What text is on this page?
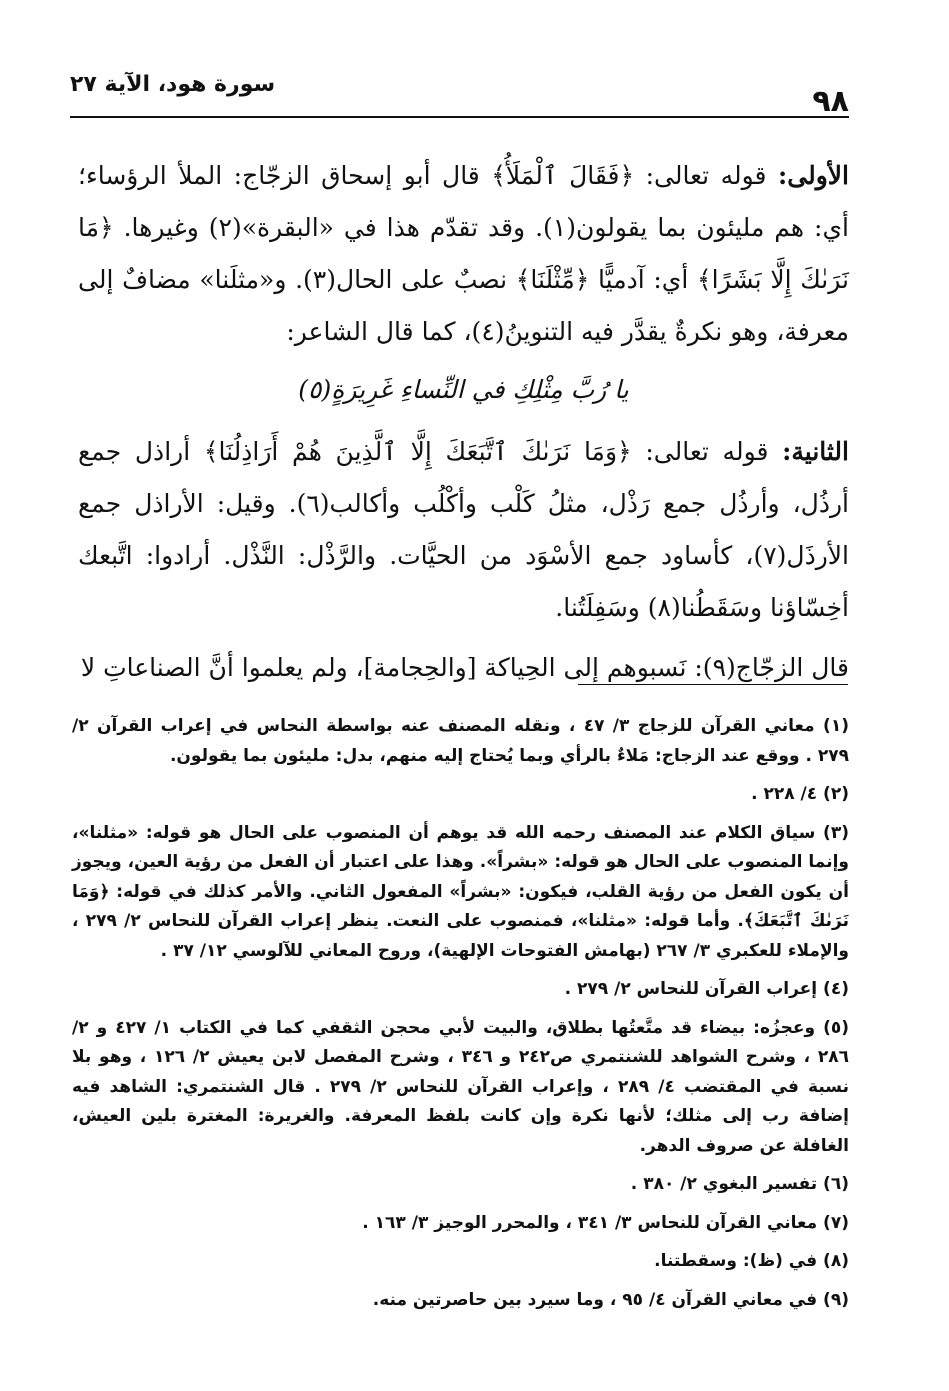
٩٨
سورة هود، الآية ٢٧

الأولى: قوله تعالى: ﴿فَقَالَ ٱلْمَلَأُ﴾ قال أبو إسحاق الزجّاج: الملأ الرؤساء؛ أي: هم مليئون بما يقولون(١). وقد تقدّم هذا في «البقرة»(٢) وغيرها. ﴿مَا نَرَىٰكَ إِلَّا بَشَرًا﴾ أي: آدميًّا ﴿مِّثْلَنَا﴾ نصبٌ على الحال(٣). و«مثلَنا» مضافٌ إلى معرفة، وهو نكرةٌ يقدَّر فيه التنوينُ(٤)، كما قال الشاعر:

يا رُبَّ مِثْلِكِ في النِّساءِ غَرِيرَةٍ(٥)

الثانية: قوله تعالى: ﴿وَمَا نَرَىٰكَ ٱتَّبَعَكَ إِلَّا ٱلَّذِينَ هُمْ أَرَاذِلُنَا﴾ أراذل جمع أرذُل، وأرذُل جمع رَذْل، مثلُ كَلْب وأكْلُب وأكالب(٦). وقيل: الأراذل جمع الأرذَل(٧)، كأساود جمع الأسْوَد من الحيَّات. والرَّذْل: النَّذْل. أرادوا: اتَّبعك أخِسّاؤنا وسَقَطُنا(٨) وسَفِلَتُنا.

قال الزجّاج(٩): نَسبوهم إلى الحِياكة [والحِجامة]، ولم يعلموا أنَّ الصناعاتِ لا

(١) معاني القرآن للزجاج ٣/ ٤٧ ، ونقله المصنف عنه بواسطة النحاس في إعراب القرآن ٢/ ٢٧٩ . ووقع عند الزجاج: مَلاءٌ بالرأي وبما يُحتاج إليه منهم، بدل: مليئون بما يقولون.

(٢) ٤/ ٢٢٨ .

(٣) سياق الكلام عند المصنف رحمه الله قد يوهم أن المنصوب على الحال هو قوله: «مثلنا»، وإنما المنصوب على الحال هو قوله: «بشراً». وهذا على اعتبار أن الفعل من رؤية العين، ويجوز أن يكون الفعل من رؤية القلب، فيكون: «بشراً» المفعول الثاني. والأمر كذلك في قوله: ﴿وَمَا نَرَىٰكَ ٱتَّبَعَكَ﴾. وأما قوله: «مثلنا»، فمنصوب على النعت. ينظر إعراب القرآن للنحاس ٢/ ٢٧٩ ، والإملاء للعكبري ٣/ ٢٦٧ (بهامش الفتوحات الإلهية)، وروح المعاني للآلوسي ١٢/ ٣٧ .

(٤) إعراب القرآن للنحاس ٢/ ٢٧٩ .

(٥) وعجزُه: بيضاء قد متَّعتُها بطلاق، والبيت لأبي محجن الثقفي كما في الكتاب ١/ ٤٢٧ و ٢/ ٢٨٦ ، وشرح الشواهد للشنتمري ص٢٤٢ و ٣٤٦ ، وشرح المفصل لابن يعيش ٢/ ١٢٦ ، وهو بلا نسبة في المقتضب ٤/ ٢٨٩ ، وإعراب القرآن للنحاس ٢/ ٢٧٩ . قال الشنتمري: الشاهد فيه إضافة رب إلى مثلك؛ لأنها نكرة وإن كانت بلفظ المعرفة. والغريرة: المغترة بلين العيش، الغافلة عن صروف الدهر.

(٦) تفسير البغوي ٢/ ٣٨٠ .

(٧) معاني القرآن للنحاس ٣/ ٣٤١ ، والمحرر الوجيز ٣/ ١٦٣ .

(٨) في (ظ): وسقطتنا.

(٩) في معاني القرآن ٤/ ٩٥ ، وما سيرد بين حاصرتين منه.
